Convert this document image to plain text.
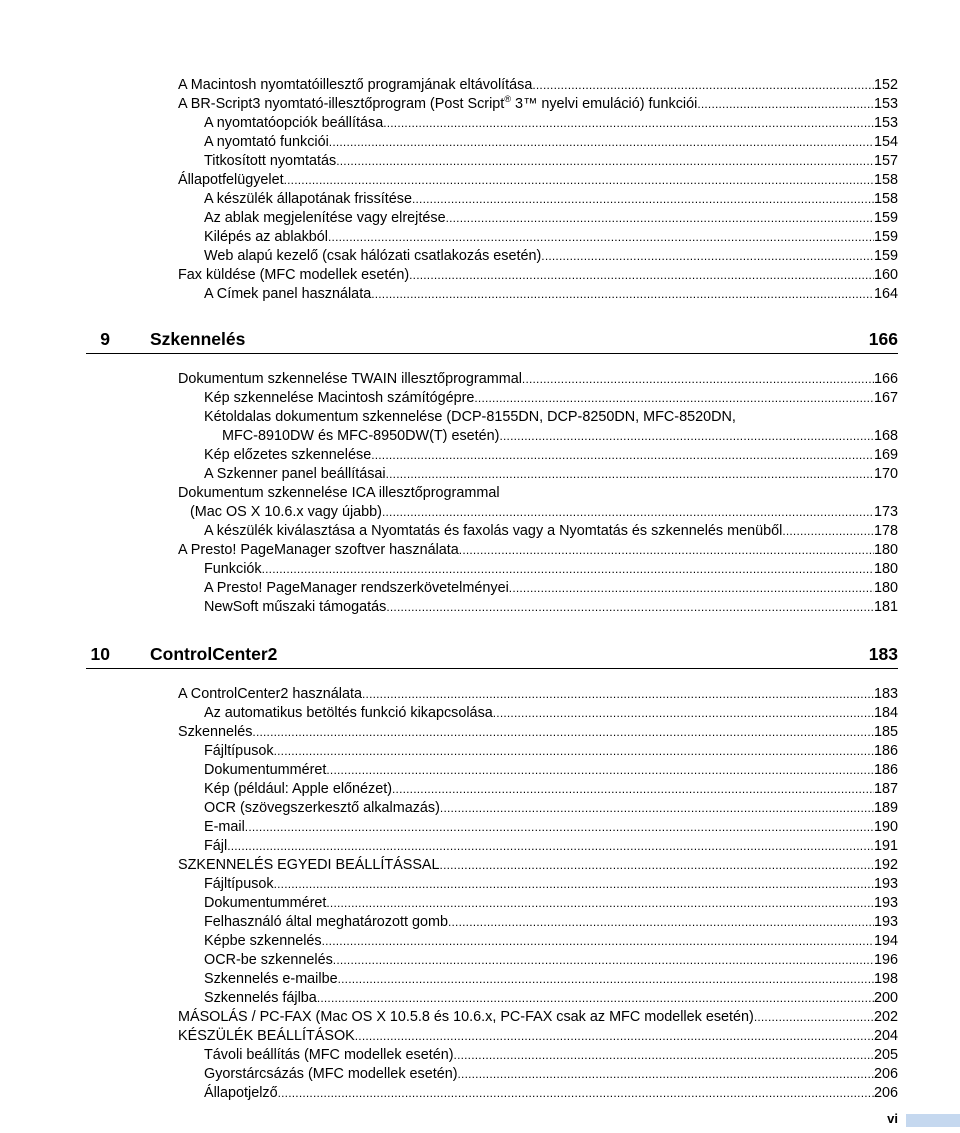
A Macintosh nyomtatóillesztő programjának eltávolítása .....	152
A BR-Script3 nyomtató-illesztőprogram (Post Script® 3™ nyelvi emuláció) funkciói .....	153
A nyomtatóopciók beállítása .....	153
A nyomtató funkciói .....	154
Titkosított nyomtatás .....	157
Állapotfelügyelet .....	158
A készülék állapotának frissítése .....	158
Az ablak megjelenítése vagy elrejtése .....	159
Kilépés az ablakból .....	159
Web alapú kezelő (csak hálózati csatlakozás esetén) .....	159
Fax küldése (MFC modellek esetén) .....	160
A Címek panel használata .....	164
9 Szkennelés	166
Dokumentum szkennelése TWAIN illesztőprogrammal .....	166
Kép szkennelése Macintosh számítógépre .....	167
Kétoldalas dokumentum szkennelése (DCP-8155DN, DCP-8250DN, MFC-8520DN,
MFC-8910DW és MFC-8950DW(T) esetén) .....	168
Kép előzetes szkennelése .....	169
A Szkenner panel beállításai .....	170
Dokumentum szkennelése ICA illesztőprogrammal
(Mac OS X 10.6.x vagy újabb) .....	173
A készülék kiválasztása a Nyomtatás és faxolás vagy a Nyomtatás és szkennelés menüből .....	178
A Presto! PageManager szoftver használata .....	180
Funkciók .....	180
A Presto! PageManager rendszerkövetelményei .....	180
NewSoft műszaki támogatás .....	181
10 ControlCenter2	183
A ControlCenter2 használata .....	183
Az automatikus betöltés funkció kikapcsolása .....	184
Szkennelés .....	185
Fájltípusok .....	186
Dokumentumméret .....	186
Kép (például: Apple előnézet) .....	187
OCR (szövegszerkesztő alkalmazás) .....	189
E-mail .....	190
Fájl .....	191
SZKENNELÉS EGYEDI BEÁLLÍTÁSSAL .....	192
Fájltípusok .....	193
Dokumentumméret .....	193
Felhasználó által meghatározott gomb .....	193
Képbe szkennelés .....	194
OCR-be szkennelés .....	196
Szkennelés e-mailbe .....	198
Szkennelés fájlba .....	200
MÁSOLÁS / PC-FAX (Mac OS X 10.5.8 és 10.6.x, PC-FAX csak az MFC modellek esetén) .....	202
KÉSZÜLÉK BEÁLLÍTÁSOK .....	204
Távoli beállítás (MFC modellek esetén) .....	205
Gyorstárcsázás (MFC modellek esetén) .....	206
Állapotjelző .....	206
vi
